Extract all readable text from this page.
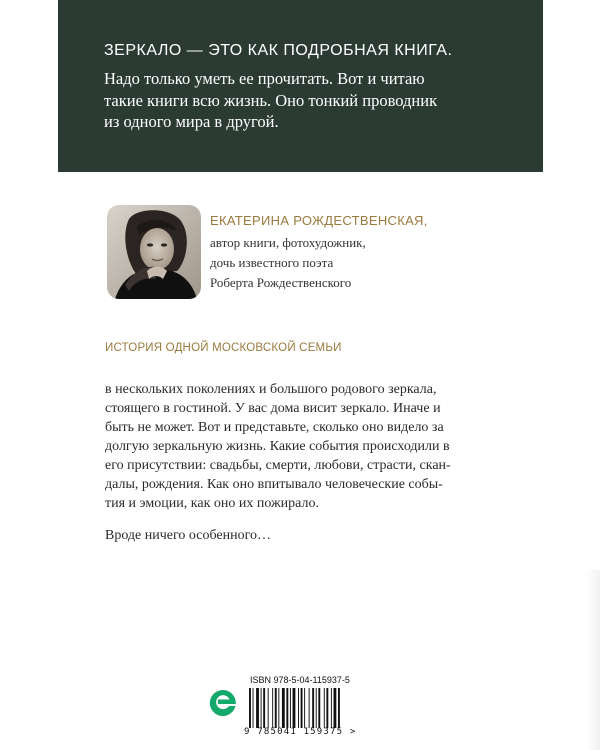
ЗЕРКАЛО — ЭТО КАК ПОДРОБНАЯ КНИГА.
Надо только уметь ее прочитать. Вот и читаю
такие книги всю жизнь. Оно тонкий проводник
из одного мира в другой.
ЕКАТЕРИНА РОЖДЕСТВЕНСКАЯ,
автор книги, фотохудожник,
дочь известного поэта
Роберта Рождественского
ИСТОРИЯ ОДНОЙ МОСКОВСКОЙ СЕМЬИ

в нескольких поколениях и большого родового зеркала,

стоящего в гостиной. У вас дома висит зеркало. Иначе и

быть не может. Вот и представьте, сколько оно видело за

долгую зеркальную жизнь. Какие события происходили в

его присутствии: свадьбы, смерти, любови, страсти, скан-

далы, рождения. Как оно впитывало человеческие собы-

тия и эмоции, как оно их пожирало.

Вроде ничего особенного…
ISBN 978-5-04-115937-5
9 785041 159375 >
